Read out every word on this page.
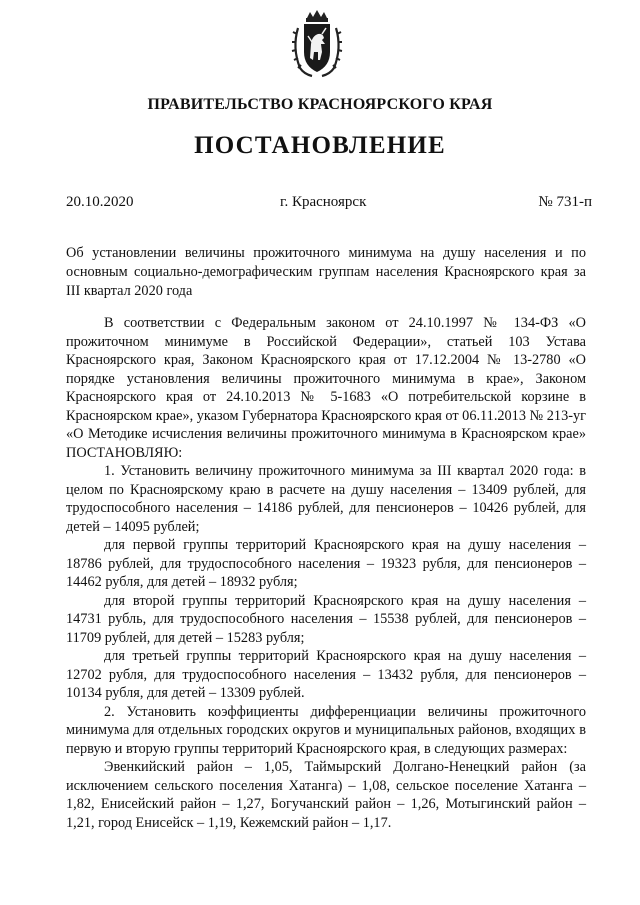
ПРАВИТЕЛЬСТВО КРАСНОЯРСКОГО КРАЯ
ПОСТАНОВЛЕНИЕ
20.10.2020	г. Красноярск	№ 731-п
Об установлении величины прожиточного минимума на душу населения и по основным социально-демографическим группам населения Красноярского края за III квартал 2020 года

В соответствии с Федеральным законом от 24.10.1997 № 134-ФЗ «О прожиточном минимуме в Российской Федерации», статьей 103 Устава Красноярского края, Законом Красноярского края от 17.12.2004 № 13-2780 «О порядке установления величины прожиточного минимума в крае», Законом Красноярского края от 24.10.2013 № 5-1683 «О потребительской корзине в Красноярском крае», указом Губернатора Красноярского края от 06.11.2013 № 213-уг «О Методике исчисления величины прожиточного минимума в Красноярском крае» ПОСТАНОВЛЯЮ:

1. Установить величину прожиточного минимума за III квартал 2020 года: в целом по Красноярскому краю в расчете на душу населения – 13409 рублей, для трудоспособного населения – 14186 рублей, для пенсионеров – 10426 рублей, для детей – 14095 рублей;

для первой группы территорий Красноярского края на душу населения – 18786 рублей, для трудоспособного населения – 19323 рубля, для пенсионеров – 14462 рубля, для детей – 18932 рубля;

для второй группы территорий Красноярского края на душу населения – 14731 рубль, для трудоспособного населения – 15538 рублей, для пенсионеров – 11709 рублей, для детей – 15283 рубля;

для третьей группы территорий Красноярского края на душу населения – 12702 рубля, для трудоспособного населения – 13432 рубля, для пенсионеров – 10134 рубля, для детей – 13309 рублей.

2. Установить коэффициенты дифференциации величины прожиточного минимума для отдельных городских округов и муниципальных районов, входящих в первую и вторую группы территорий Красноярского края, в следующих размерах:

Эвенкийский район – 1,05, Таймырский Долгано-Ненецкий район (за исключением сельского поселения Хатанга) – 1,08, сельское поселение Хатанга – 1,82, Енисейский район – 1,27, Богучанский район – 1,26, Мотыгинский район – 1,21, город Енисейск – 1,19, Кежемский район – 1,17.
